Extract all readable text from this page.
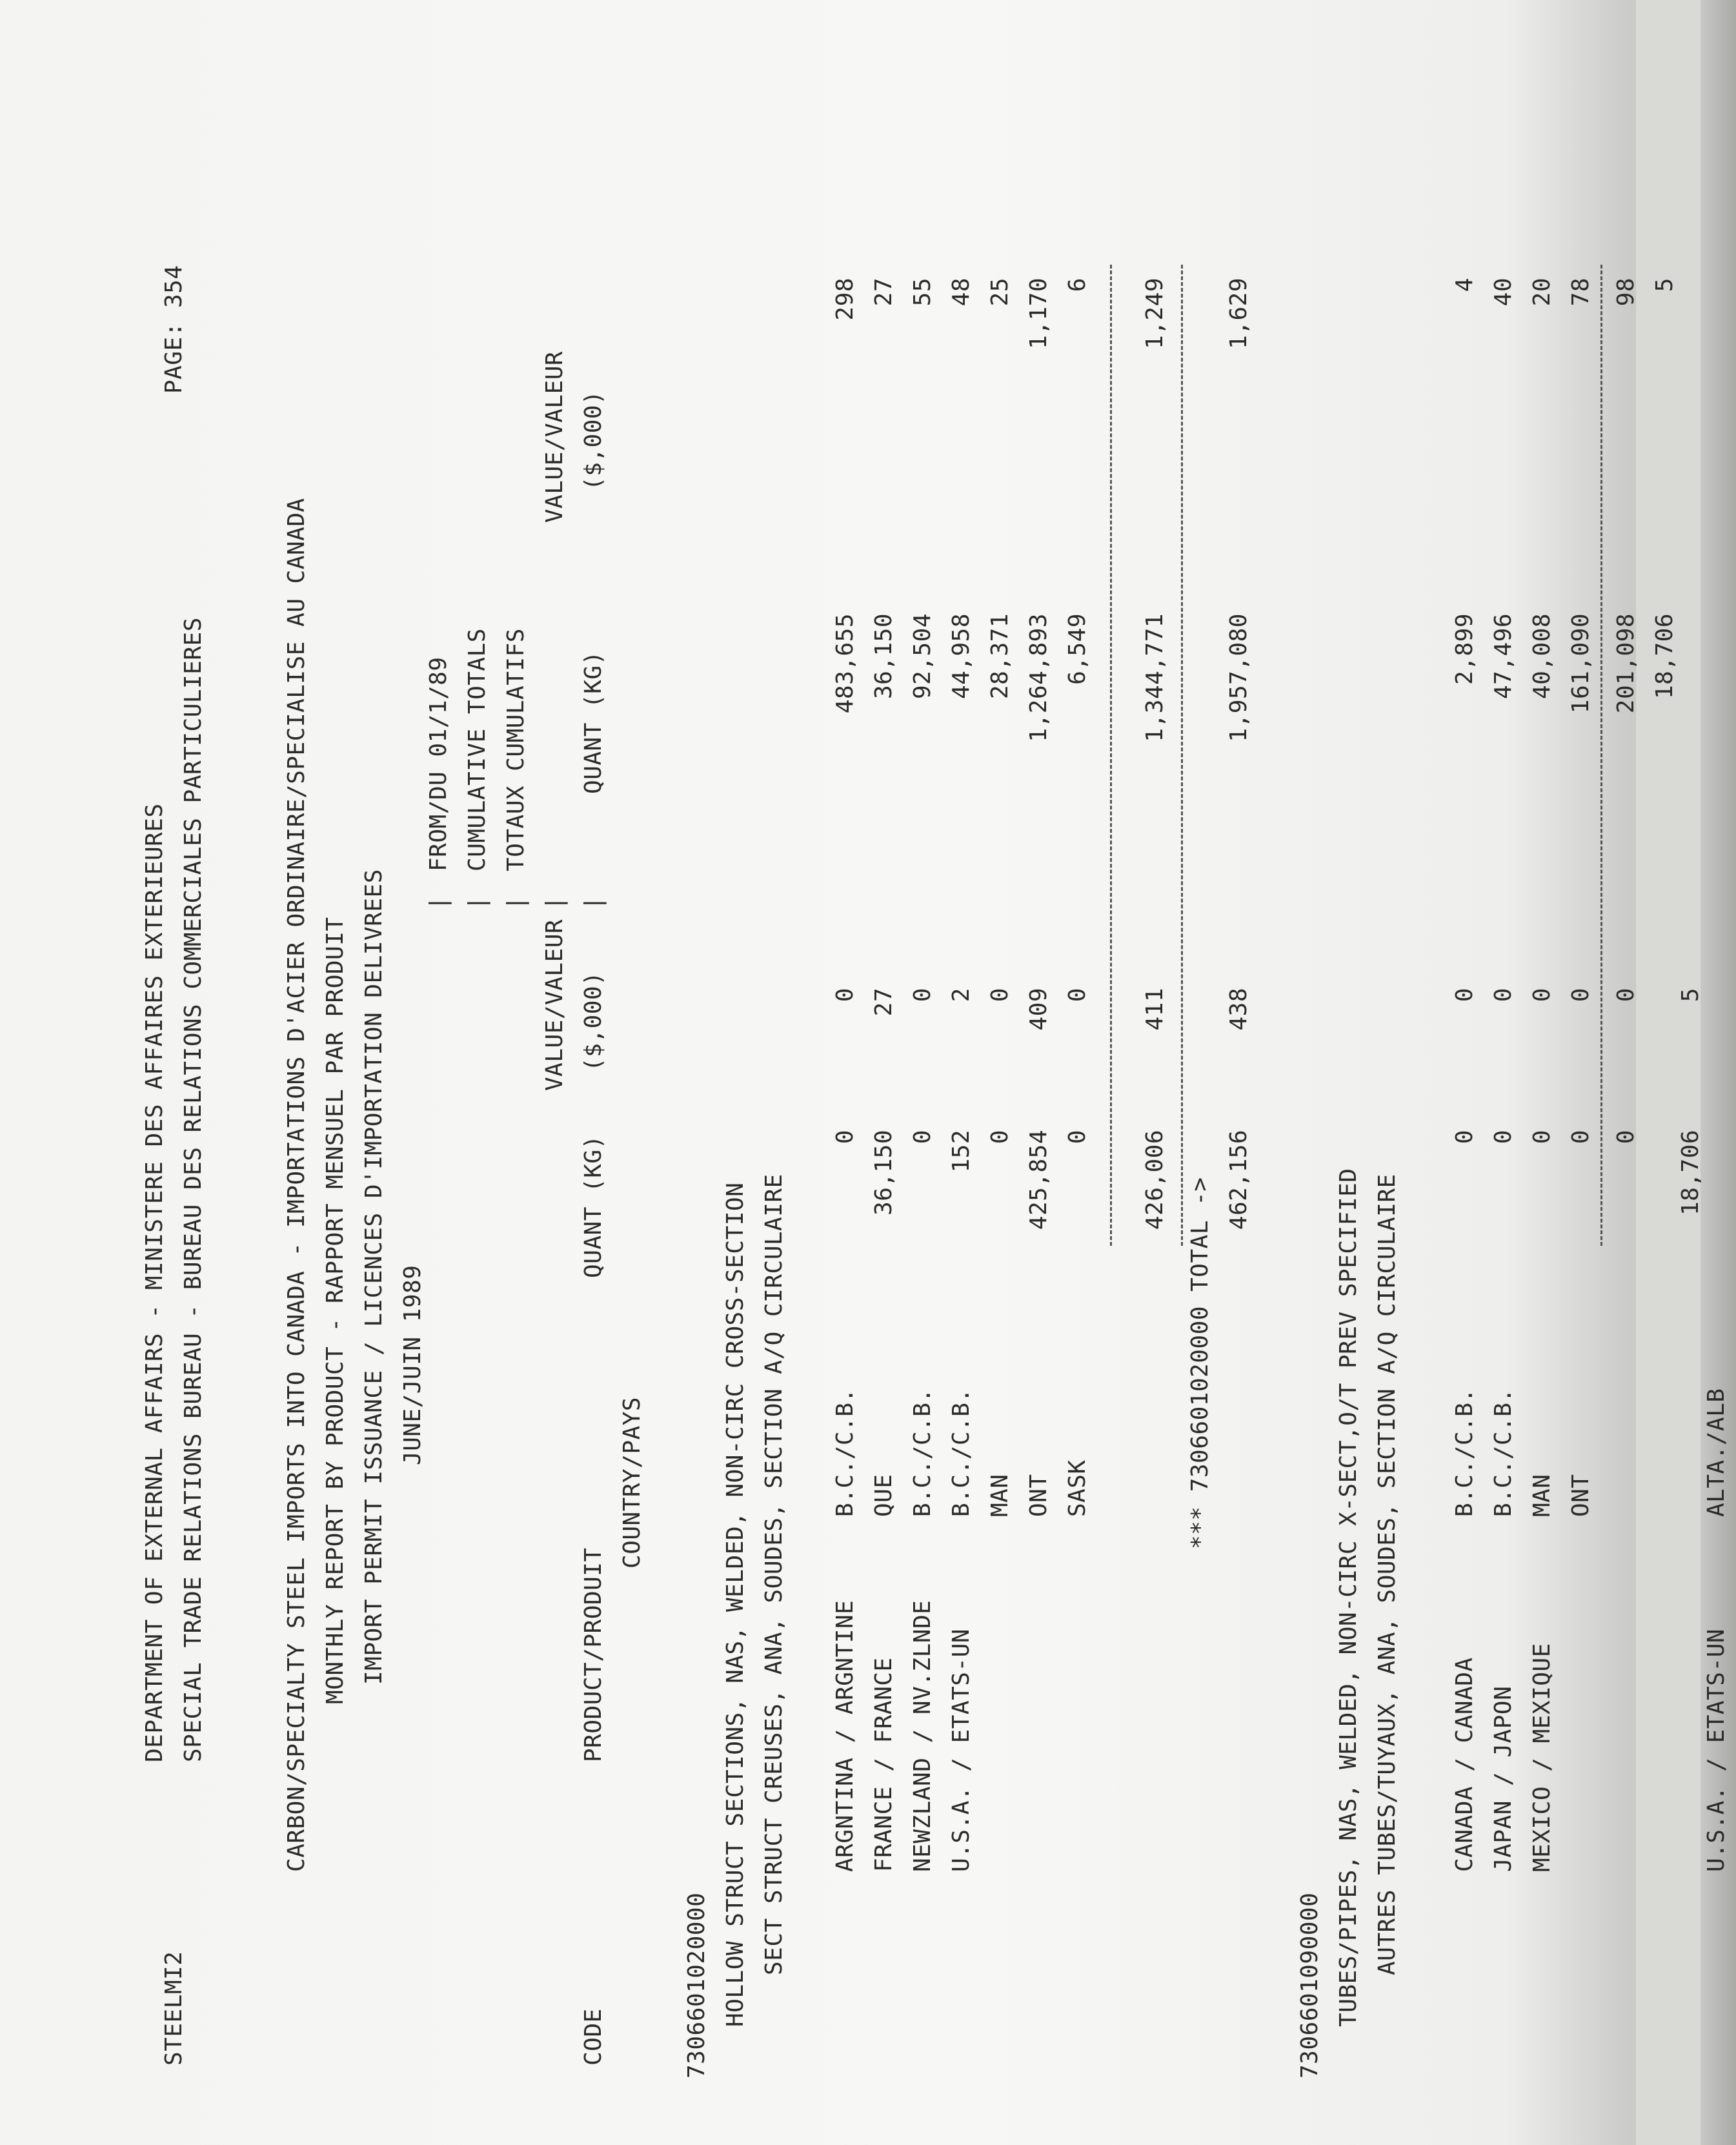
STEELMI2
DEPARTMENT OF EXTERNAL AFFAIRS - MINISTERE DES AFFAIRES EXTERIEURES SPECIAL TRADE RELATIONS BUREAU - BUREAU DES RELATIONS COMMERCIALES PARTICULIERES
PAGE: 354
CARBON/SPECIALTY STEEL IMPORTS INTO CANADA - IMPORTATIONS D'ACIER ORDINAIRE/SPECIALISE AU CANADA MONTHLY REPORT BY PRODUCT - RAPPORT MENSUEL PAR PRODUIT IMPORT PERMIT ISSUANCE / LICENCES D'IMPORTATION DELIVREES JUNE/JUIN 1989
| | | | |
FROM/DU 01/1/89 CUMULATIVE TOTALS TOTAUX CUMULATIFS
VALUE/VALEUR
VALUE/VALEUR
CODE
PRODUCT/PRODUIT
QUANT (KG)
($,000)
QUANT (KG)
($,000)
COUNTRY/PAYS
7306601020000 HOLLOW STRUCT SECTIONS, NAS, WELDED, NON-CIRC CROSS-SECTION SECT STRUCT CREUSES, ANA, SOUDES, SECTION A/Q CIRCULAIRE	426,006
411
1,344,771
1,249
*** 7306601020000 TOTAL -> 462,156
438
1,957,080
1,629
7306601090000 TUBES/PIPES, NAS, WELDED, NON-CIRC X-SECT,O/T PREV SPECIFIED AUTRES TUBES/TUYAUX, ANA, SOUDES, SECTION A/Q CIRCULAIRE
0
0
201,098
98
U.S.A. / ETATS-UN
ALTA./ALB
18,706
5
18,706
5
ARGNTINA / ARGNTINE
B.C./C.B.
0
0
483,655
298
FRANCE / FRANCE
QUE
36,150
27
36,150
27
NEWZLAND / NV.ZLNDE
B.C./C.B.
0
0
92,504
55
U.S.A. / ETATS-UN
B.C./C.B.
152
2
44,958
48
MAN
0
0
28,371
25
ONT
425,854
409
1,264,893
1,170
SASK
0
0
6,549
6
CANADA / CANADA
B.C./C.B.
0
0
2,899
4
JAPAN / JAPON
B.C./C.B.
0
0
47,496
40
MEXICO / MEXIQUE
MAN
0
0
40,008
20
ONT
0
0
161,090
78
